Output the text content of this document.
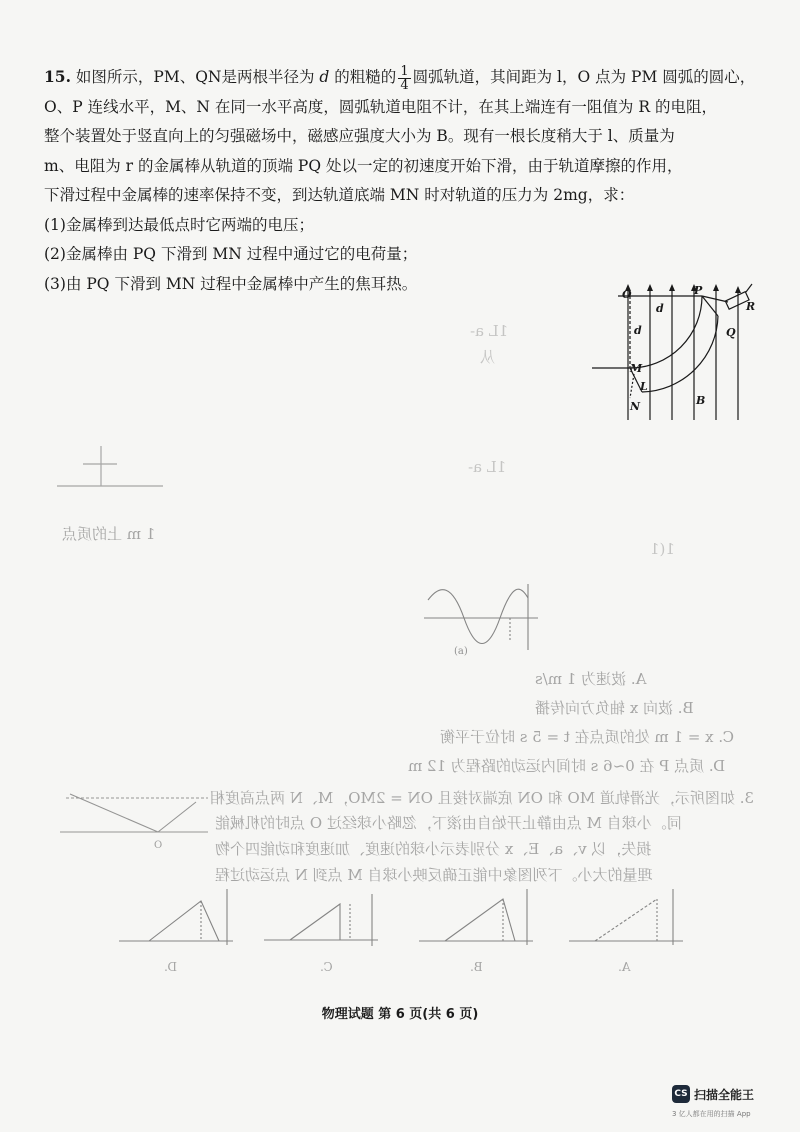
15. 如图所示，PM、QN是两根半径为 d 的粗糙的 $\frac{1}{4}$ 圆弧轨道，其间距为 l，O 点为 PM 圆弧的圆心，

O、P 连线水平，M、N 在同一水平高度，圆弧轨道电阻不计，在其上端连有一阻值为 R 的电阻，

整个装置处于竖直向上的匀强磁场中，磁感应强度大小为 B。现有一根长度稍大于 l、质量为

m、电阻为 r 的金属棒从轨道的顶端 PQ 处以一定的初速度开始下滑，由于轨道摩擦的作用，

下滑过程中金属棒的速率保持不变，到达轨道底端 MN 时对轨道的压力为 2mg，求：

(1)金属棒到达最低点时它两端的电压；

(2)金属棒由 PQ 下滑到 MN 过程中通过它的电荷量；

(3)由 PQ 下滑到 MN 过程中金属棒中产生的焦耳热。

O	P
d
d
R
Q
M
L
N	B
1L a-
从
1L a-
1(1
1 m 上的质点
(a)
A. 波速为 1 m/s
B. 波向 x 轴负方向传播
C. x = 1 m 处的质点在 t = 5 s 时位于平衡
D. 质点 P 在 0~6 s 时间内运动的路程为 12 m
3. 如图所示，光滑轨道 MO 和 ON 底端对接且 ON = 2MO，M、N 两点高度相
同。小球自 M 点由静止开始自由滚下，忽略小球经过 O 点时的机械能
损失，以 v、a、E、x 分别表示小球的速度、加速度和动能四个物
理量的大小。下列图象中能正确反映小球自 M 点到 N 点运动过程
O
D.	C.	B.	A.
物理试题 第 6 页(共 6 页)
CS 扫描全能王
3 亿人都在用的扫描 App
